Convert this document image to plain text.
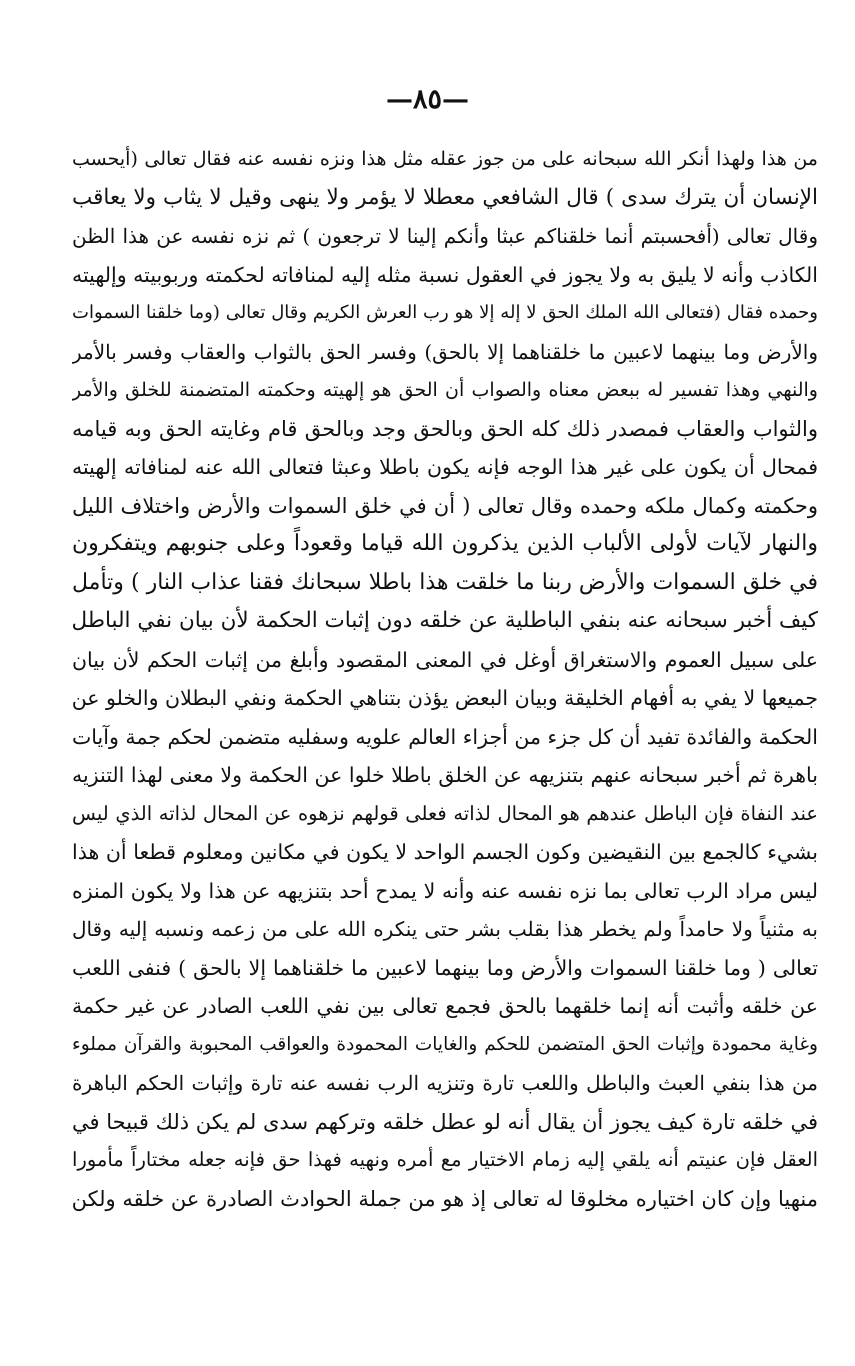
—٨٥—
من هذا ولهذا أنكر الله سبحانه على من جوز عقله مثل هذا ونزه نفسه عنه فقال تعالى (أيحسب
الإنسان أن يترك سدى ) قال الشافعي معطلا لا يؤمر ولا ينهى وقيل لا يثاب ولا يعاقب
وقال تعالى (أفحسبتم أنما خلقناكم عبثا وأنكم إلينا لا ترجعون ) ثم نزه نفسه عن هذا الظن
الكاذب وأنه لا يليق به ولا يجوز في العقول نسبة مثله إليه لمنافاته لحكمته وربوبيته وإلهيته
وحمده فقال (فتعالى الله الملك الحق لا إله إلا هو رب العرش الكريم وقال تعالى (وما خلقنا السموات
والأرض وما بينهما لاعبين ما خلقناهما إلا بالحق) وفسر الحق بالثواب والعقاب وفسر بالأمر
والنهي وهذا تفسير له ببعض معناه والصواب أن الحق هو إلهيته وحكمته المتضمنة للخلق والأمر
والثواب والعقاب فمصدر ذلك كله الحق وبالحق وجد وبالحق قام وغايته الحق وبه قيامه
فمحال أن يكون على غير هذا الوجه فإنه يكون باطلا وعبثا فتعالى الله عنه لمنافاته إلهيته
وحكمته وكمال ملكه وحمده وقال تعالى ( أن في خلق السموات والأرض واختلاف الليل
والنهار لآيات لأولى الألباب الذين يذكرون الله قياما وقعوداً وعلى جنوبهم ويتفكرون
في خلق السموات والأرض ربنا ما خلقت هذا باطلا سبحانك فقنا عذاب النار ) وتأمل
كيف أخبر سبحانه عنه بنفي الباطلية عن خلقه دون إثبات الحكمة لأن بيان نفي الباطل
على سبيل العموم والاستغراق أوغل في المعنى المقصود وأبلغ من إثبات الحكم لأن بيان
جميعها لا يفي به أفهام الخليقة وبيان البعض يؤذن بتناهي الحكمة ونفي البطلان والخلو عن
الحكمة والفائدة تفيد أن كل جزء من أجزاء العالم علويه وسفليه متضمن لحكم جمة وآيات
باهرة ثم أخبر سبحانه عنهم بتنزيهه عن الخلق باطلا خلوا عن الحكمة ولا معنى لهذا التنزيه
عند النفاة فإن الباطل عندهم هو المحال لذاته فعلى قولهم نزهوه عن المحال لذاته الذي ليس
بشيء كالجمع بين النقيضين وكون الجسم الواحد لا يكون في مكانين ومعلوم قطعا أن هذا
ليس مراد الرب تعالى بما نزه نفسه عنه وأنه لا يمدح أحد بتنزيهه عن هذا ولا يكون المنزه
به مثنياً ولا حامداً ولم يخطر هذا بقلب بشر حتى ينكره الله على من زعمه ونسبه إليه وقال
تعالى ( وما خلقنا السموات والأرض وما بينهما لاعبين ما خلقناهما إلا بالحق ) فنفى اللعب
عن خلقه وأثبت أنه إنما خلقهما بالحق فجمع تعالى بين نفي اللعب الصادر عن غير حكمة
وغاية محمودة وإثبات الحق المتضمن للحكم والغايات المحمودة والعواقب المحبوبة والقرآن مملوء
من هذا بنفي العبث والباطل واللعب تارة وتنزيه الرب نفسه عنه تارة وإثبات الحكم الباهرة
في خلقه تارة كيف يجوز أن يقال أنه لو عطل خلقه وتركهم سدى لم يكن ذلك قبيحا في
العقل فإن عنيتم أنه يلقي إليه زمام الاختيار مع أمره ونهيه فهذا حق فإنه جعله مختاراً مأمورا
منهيا وإن كان اختياره مخلوقا له تعالى إذ هو من جملة الحوادث الصادرة عن خلقه ولكن
